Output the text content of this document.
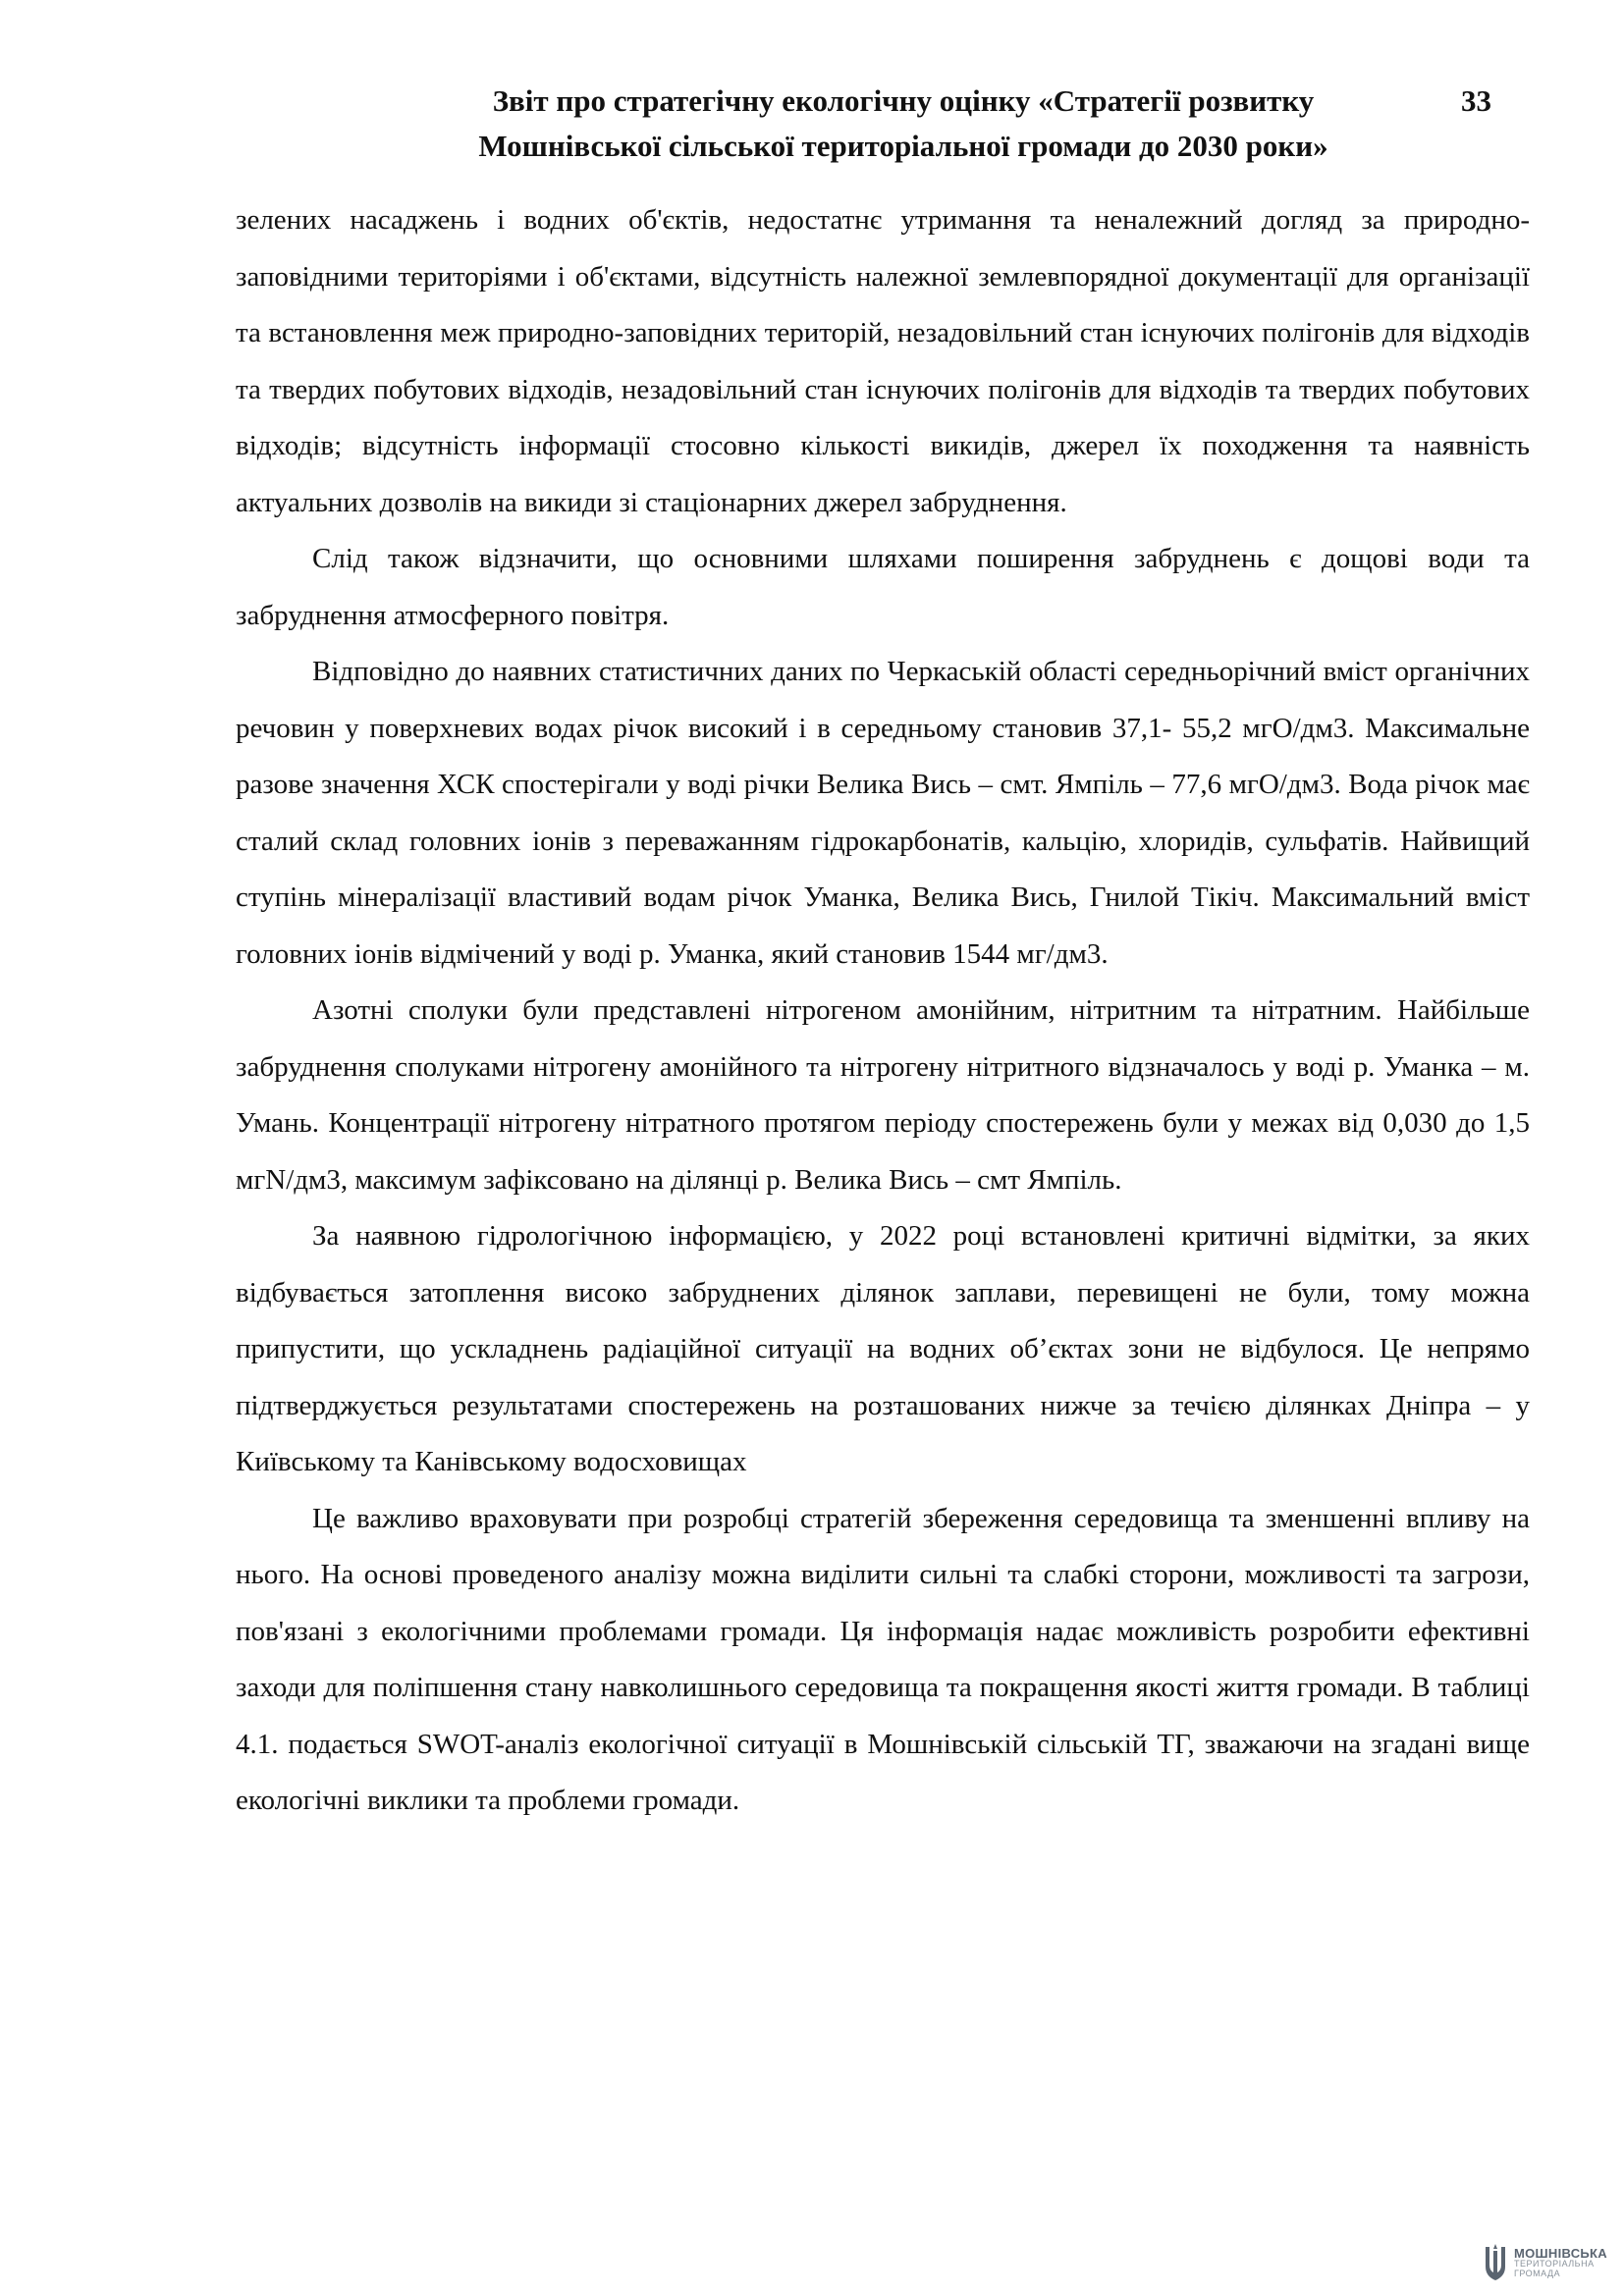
Звіт про стратегічну екологічну оцінку «Стратегії розвитку
Мошнівської сільської територіальної громади до 2030 роки»
33

зелених насаджень і водних об'єктів, недостатнє утримання та неналежний догляд за природно-заповідними територіями і об'єктами, відсутність належної землевпорядної документації для організації та встановлення меж природно-заповідних територій, незадовільний стан існуючих полігонів для відходів та твердих побутових відходів, незадовільний стан існуючих полігонів для відходів та твердих побутових відходів; відсутність інформації стосовно кількості викидів, джерел їх походження та наявність актуальних дозволів на викиди зі стаціонарних джерел забруднення.

Слід також відзначити, що основними шляхами поширення забруднень є дощові води та забруднення атмосферного повітря.

Відповідно до наявних статистичних даних по Черкаській області середньорічний вміст органічних речовин у поверхневих водах річок високий і в середньому становив 37,1- 55,2 мгО/дм3. Максимальне разове значення ХСК спостерігали у воді річки Велика Вись – смт. Ямпіль – 77,6 мгО/дм3. Вода річок має сталий склад головних іонів з переважанням гідрокарбонатів, кальцію, хлоридів, сульфатів. Найвищий ступінь мінералізації властивий водам річок Уманка, Велика Вись, Гнилой Тікіч. Максимальний вміст головних іонів відмічений у воді р. Уманка, який становив 1544 мг/дм3.

Азотні сполуки були представлені нітрогеном амонійним, нітритним та нітратним. Найбільше забруднення сполуками нітрогену амонійного та нітрогену нітритного відзначалось у воді р. Уманка – м. Умань. Концентрації нітрогену нітратного протягом періоду спостережень були у межах від 0,030 до 1,5 мгN/дм3, максимум зафіксовано на ділянці р. Велика Вись – смт Ямпіль.

За наявною гідрологічною інформацією, у 2022 році встановлені критичні відмітки, за яких відбувається затоплення високо забруднених ділянок заплави, перевищені не були, тому можна припустити, що ускладнень радіаційної ситуації на водних об’єктах зони не відбулося. Це непрямо підтверджується результатами спостережень на розташованих нижче за течією ділянках Дніпра – у Київському та Канівському водосховищах

Це важливо враховувати при розробці стратегій збереження середовища та зменшенні впливу на нього. На основі проведеного аналізу можна виділити сильні та слабкі сторони, можливості та загрози, пов'язані з екологічними проблемами громади. Ця інформація надає можливість розробити ефективні заходи для поліпшення стану навколишнього середовища та покращення якості життя громади. В таблиці 4.1. подається SWOT-аналіз екологічної ситуації в Мошнівській сільській ТГ, зважаючи на згадані вище екологічні виклики та проблеми громади.

МОШНІВСЬКА
ТЕРИТОРІАЛЬНА
ГРОМАДА
